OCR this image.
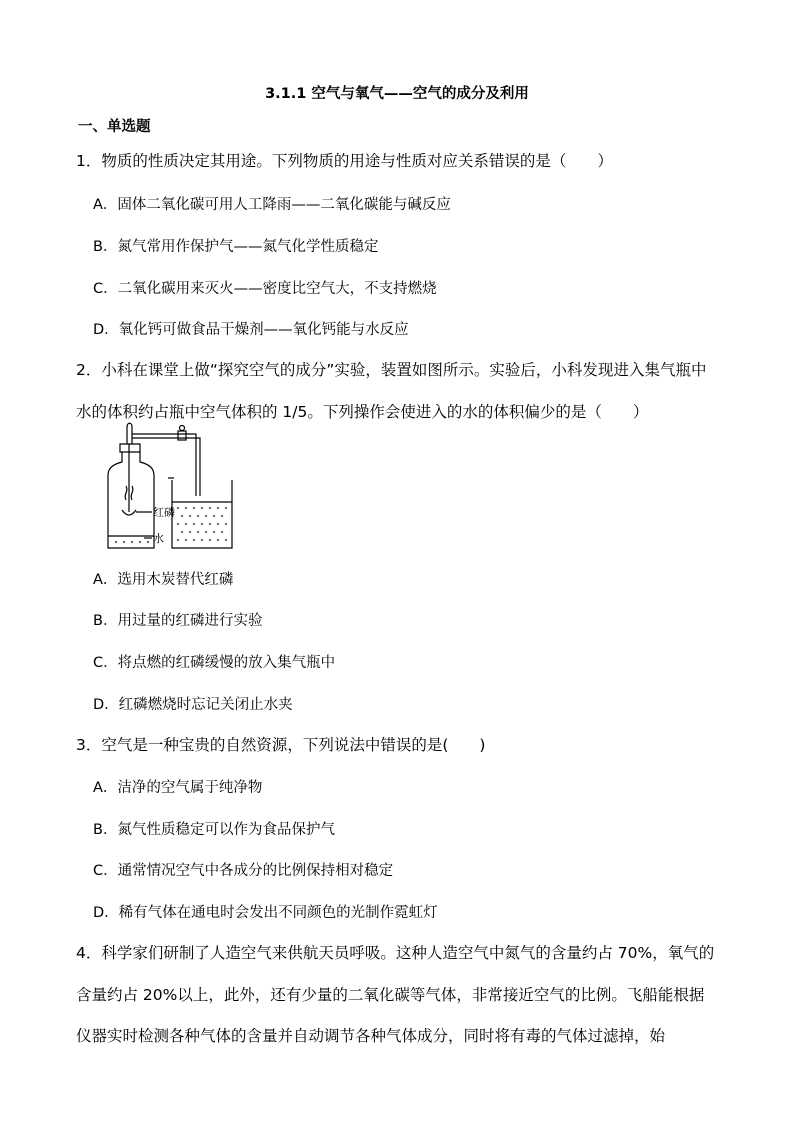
3.1.1 空气与氧气——空气的成分及利用
一、单选题
1．物质的性质决定其用途。下列物质的用途与性质对应关系错误的是（　　）
A．固体二氧化碳可用人工降雨——二氧化碳能与碱反应
B．氮气常用作保护气——氮气化学性质稳定
C．二氧化碳用来灭火——密度比空气大，不支持燃烧
D．氧化钙可做食品干燥剂——氧化钙能与水反应
2．小科在课堂上做“探究空气的成分”实验，装置如图所示。实验后，小科发现进入集气瓶中水的体积约占瓶中空气体积的 1/5。下列操作会使进入的水的体积偏少的是（　　）
红磷
水
A．选用木炭替代红磷
B．用过量的红磷进行实验
C．将点燃的红磷缓慢的放入集气瓶中
D．红磷燃烧时忘记关闭止水夹
3．空气是一种宝贵的自然资源，下列说法中错误的是(　　)
A．洁净的空气属于纯净物
B．氮气性质稳定可以作为食品保护气
C．通常情况空气中各成分的比例保持相对稳定
D．稀有气体在通电时会发出不同颜色的光制作霓虹灯
4．科学家们研制了人造空气来供航天员呼吸。这种人造空气中氮气的含量约占 70%，氧气的含量约占 20%以上，此外，还有少量的二氧化碳等气体，非常接近空气的比例。飞船能根据仪器实时检测各种气体的含量并自动调节各种气体成分，同时将有毒的气体过滤掉，始
